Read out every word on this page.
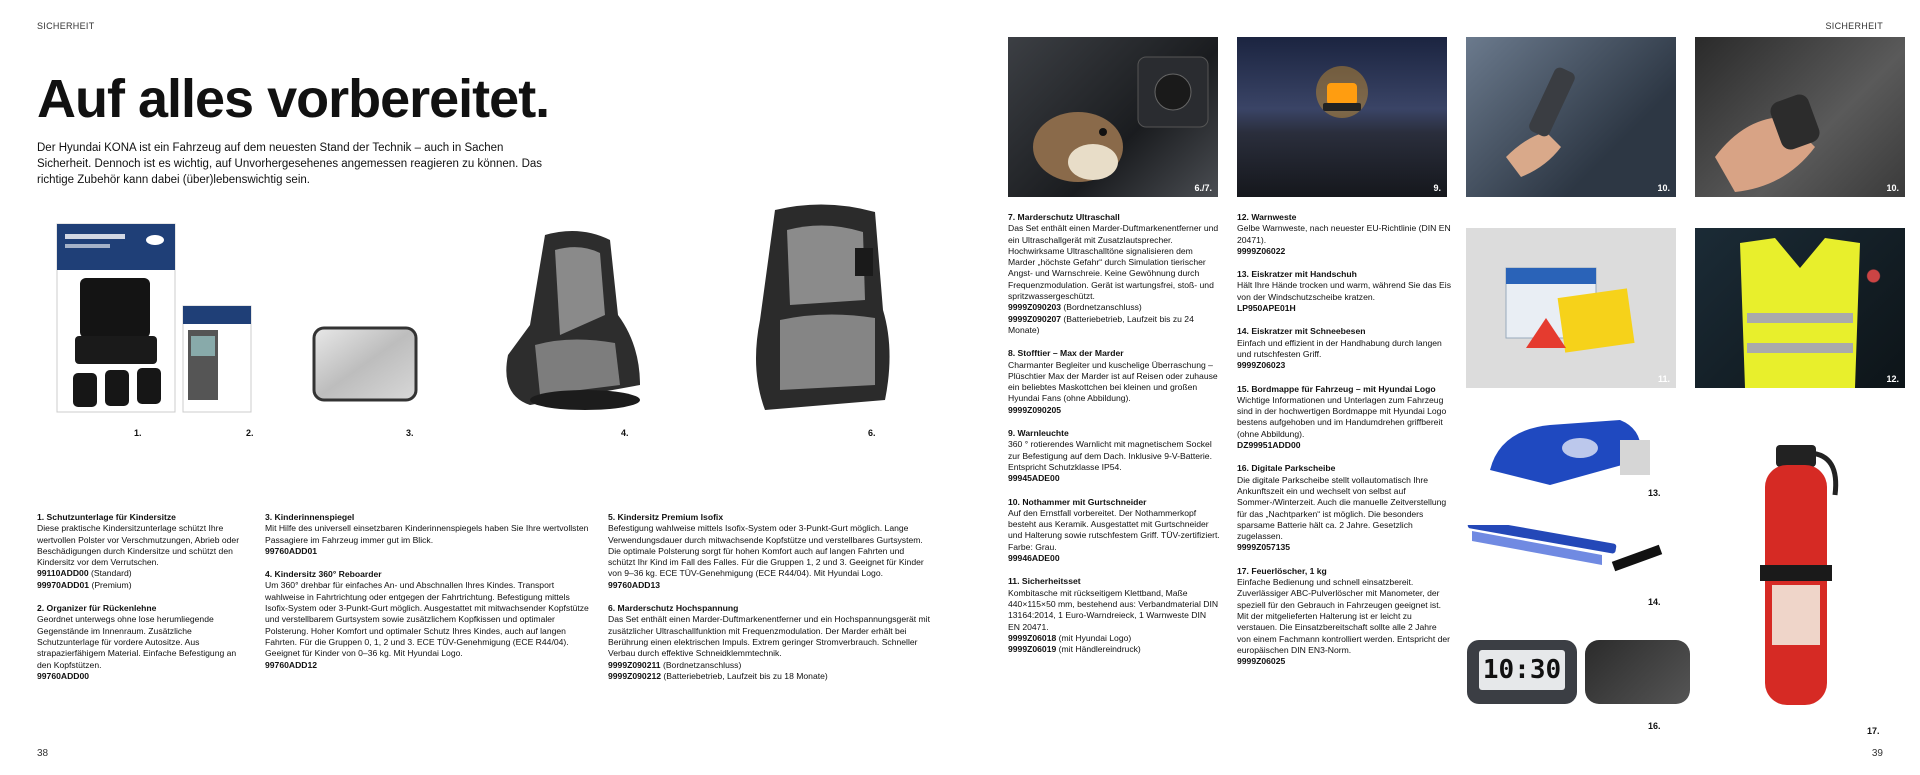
SICHERHEIT
Auf alles vorbereitet.
Der Hyundai KONA ist ein Fahrzeug auf dem neuesten Stand der Technik – auch in Sachen Sicherheit. Dennoch ist es wichtig, auf Unvorhergesehenes angemessen reagieren zu können. Das richtige Zubehör kann dabei (über)lebenswichtig sein.
1.	2.	3.	4.	6.
1. Schutzunterlage für Kindersitze
Diese praktische Kindersitzunterlage schützt Ihre wertvollen Polster vor Verschmutzungen, Abrieb oder Beschädigungen durch Kindersitze und schützt den Kindersitz vor dem Verrutschen.
99110ADD00 (Standard)
99970ADD01 (Premium)
2. Organizer für Rückenlehne
Geordnet unterwegs ohne lose herumliegende Gegenstände im Innenraum. Zusätzliche Schutzunterlage für vordere Autositze. Aus strapazierfähigem Material. Einfache Befestigung an den Kopfstützen.
99760ADD00
3. Kinderinnenspiegel
Mit Hilfe des universell einsetzbaren Kinderinnenspiegels haben Sie Ihre wertvollsten Passagiere im Fahrzeug immer gut im Blick.
99760ADD01
4. Kindersitz 360° Reboarder
Um 360° drehbar für einfaches An- und Abschnallen Ihres Kindes. Transport wahlweise in Fahrtrichtung oder entgegen der Fahrtrichtung. Befestigung mittels Isofix-System oder 3-Punkt-Gurt möglich. Ausgestattet mit mitwachsender Kopfstütze und verstellbarem Gurtsystem sowie zusätzlichem Kopfkissen und optimaler Polsterung. Hoher Komfort und optimaler Schutz Ihres Kindes, auch auf langen Fahrten. Für die Gruppen 0, 1, 2 und 3. ECE TÜV-Genehmigung (ECE R44/04). Geeignet für Kinder von 0–36 kg. Mit Hyundai Logo.
99760ADD12
5. Kindersitz Premium Isofix
Befestigung wahlweise mittels Isofix-System oder 3-Punkt-Gurt möglich. Lange Verwendungsdauer durch mitwachsende Kopfstütze und verstellbares Gurtsystem. Die optimale Polsterung sorgt für hohen Komfort auch auf langen Fahrten und schützt Ihr Kind im Fall des Falles. Für die Gruppen 1, 2 und 3. Geeignet für Kinder von 9–36 kg. ECE TÜV-Genehmigung (ECE R44/04). Mit Hyundai Logo.
99760ADD13
6. Marderschutz Hochspannung
Das Set enthält einen Marder-Duftmarkenentferner und ein Hochspannungsgerät mit zusätzlicher Ultraschallfunktion mit Frequenzmodulation. Der Marder erhält bei Berührung einen elektrischen Impuls. Extrem geringer Stromverbrauch. Schneller Verbau durch effektive Schneidklemmtechnik.
9999Z090211 (Bordnetzanschluss)
9999Z090212 (Batteriebetrieb, Laufzeit bis zu 18 Monate)
38
SICHERHEIT
6./7.	9.	10.	10.
11.	12.
13.
14.
10:30
16.	17.
7. Marderschutz Ultraschall
Das Set enthält einen Marder-Duftmarkenentferner und ein Ultraschallgerät mit Zusatzlautsprecher. Hochwirksame Ultraschalltöne signalisieren dem Marder „höchste Gefahr“ durch Simulation tierischer Angst- und Warnschreie. Keine Gewöhnung durch Frequenzmodulation. Gerät ist wartungsfrei, stoß- und spritzwassergeschützt.
9999Z090203 (Bordnetzanschluss)
9999Z090207 (Batteriebetrieb, Laufzeit bis zu 24 Monate)
8. Stofftier – Max der Marder
Charmanter Begleiter und kuschelige Überraschung – Plüschtier Max der Marder ist auf Reisen oder zuhause ein beliebtes Maskottchen bei kleinen und großen Hyundai Fans (ohne Abbildung).
9999Z090205
9. Warnleuchte
360 ° rotierendes Warnlicht mit magnetischem Sockel zur Befestigung auf dem Dach. Inklusive 9-V-Batterie. Entspricht Schutzklasse IP54.
99945ADE00
10. Nothammer mit Gurtschneider
Auf den Ernstfall vorbereitet. Der Nothammerkopf besteht aus Keramik. Ausgestattet mit Gurtschneider und Halterung sowie rutschfestem Griff. TÜV-zertifiziert. Farbe: Grau.
99946ADE00
11. Sicherheitsset
Kombitasche mit rückseitigem Klettband, Maße 440×115×50 mm, bestehend aus: Verbandmaterial DIN 13164:2014, 1 Euro-Warndreieck, 1 Warnweste DIN EN 20471.
9999Z06018 (mit Hyundai Logo)
9999Z06019 (mit Händlereindruck)
12. Warnweste
Gelbe Warnweste, nach neuester EU-Richtlinie (DIN EN 20471).
9999Z06022
13. Eiskratzer mit Handschuh
Hält Ihre Hände trocken und warm, während Sie das Eis von der Windschutzscheibe kratzen.
LP950APE01H
14. Eiskratzer mit Schneebesen
Einfach und effizient in der Handhabung durch langen und rutschfesten Griff.
9999Z06023
15. Bordmappe für Fahrzeug – mit Hyundai Logo
Wichtige Informationen und Unterlagen zum Fahrzeug sind in der hochwertigen Bordmappe mit Hyundai Logo bestens aufgehoben und im Handumdrehen griffbereit (ohne Abbildung).
DZ99951ADD00
16. Digitale Parkscheibe
Die digitale Parkscheibe stellt vollautomatisch Ihre Ankunftszeit ein und wechselt von selbst auf Sommer-/Winterzeit. Auch die manuelle Zeitverstellung für das „Nachtparken“ ist möglich. Die besonders sparsame Batterie hält ca. 2 Jahre. Gesetzlich zugelassen.
9999Z057135
17. Feuerlöscher, 1 kg
Einfache Bedienung und schnell einsatzbereit. Zuverlässiger ABC-Pulverlöscher mit Manometer, der speziell für den Gebrauch in Fahrzeugen geeignet ist. Mit der mitgelieferten Halterung ist er leicht zu verstauen. Die Einsatzbereitschaft sollte alle 2 Jahre von einem Fachmann kontrolliert werden. Entspricht der europäischen DIN EN3-Norm.
9999Z06025
39
